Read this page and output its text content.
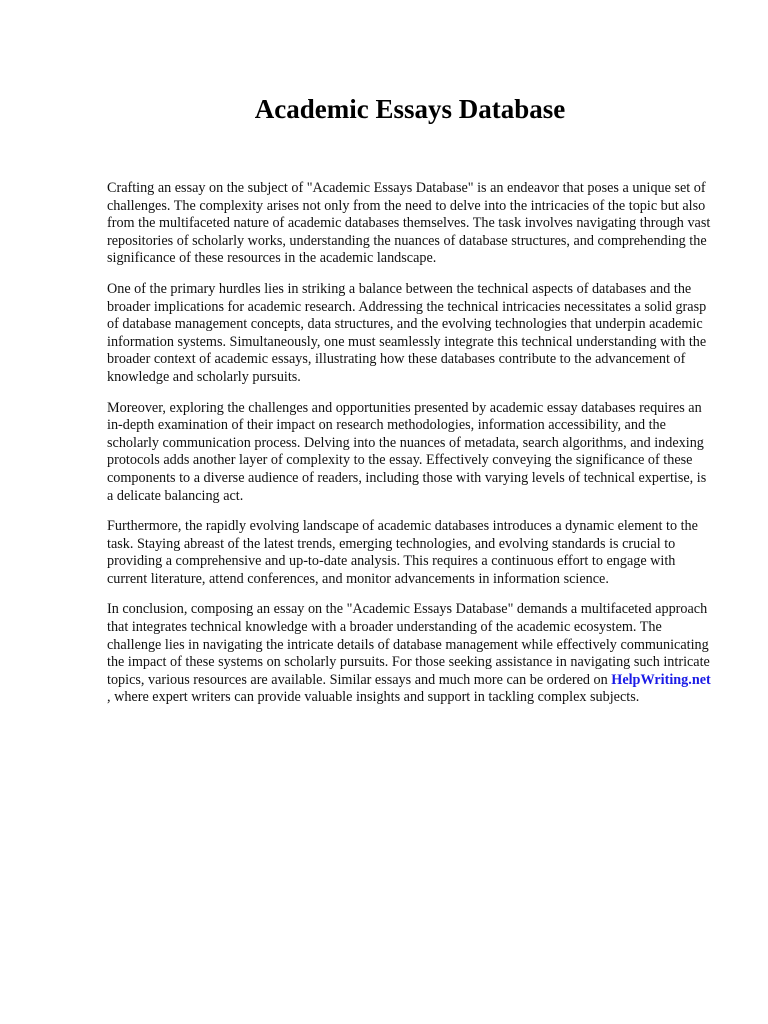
Academic Essays Database

Crafting an essay on the subject of "Academic Essays Database" is an endeavor that poses a unique set of challenges. The complexity arises not only from the need to delve into the intricacies of the topic but also from the multifaceted nature of academic databases themselves. The task involves navigating through vast repositories of scholarly works, understanding the nuances of database structures, and comprehending the significance of these resources in the academic landscape.

One of the primary hurdles lies in striking a balance between the technical aspects of databases and the broader implications for academic research. Addressing the technical intricacies necessitates a solid grasp of database management concepts, data structures, and the evolving technologies that underpin academic information systems. Simultaneously, one must seamlessly integrate this technical understanding with the broader context of academic essays, illustrating how these databases contribute to the advancement of knowledge and scholarly pursuits.

Moreover, exploring the challenges and opportunities presented by academic essay databases requires an in-depth examination of their impact on research methodologies, information accessibility, and the scholarly communication process. Delving into the nuances of metadata, search algorithms, and indexing protocols adds another layer of complexity to the essay. Effectively conveying the significance of these components to a diverse audience of readers, including those with varying levels of technical expertise, is a delicate balancing act.

Furthermore, the rapidly evolving landscape of academic databases introduces a dynamic element to the task. Staying abreast of the latest trends, emerging technologies, and evolving standards is crucial to providing a comprehensive and up-to-date analysis. This requires a continuous effort to engage with current literature, attend conferences, and monitor advancements in information science.

In conclusion, composing an essay on the "Academic Essays Database" demands a multifaceted approach that integrates technical knowledge with a broader understanding of the academic ecosystem. The challenge lies in navigating the intricate details of database management while effectively communicating the impact of these systems on scholarly pursuits. For those seeking assistance in navigating such intricate topics, various resources are available. Similar essays and much more can be ordered on HelpWriting.net , where expert writers can provide valuable insights and support in tackling complex subjects.
